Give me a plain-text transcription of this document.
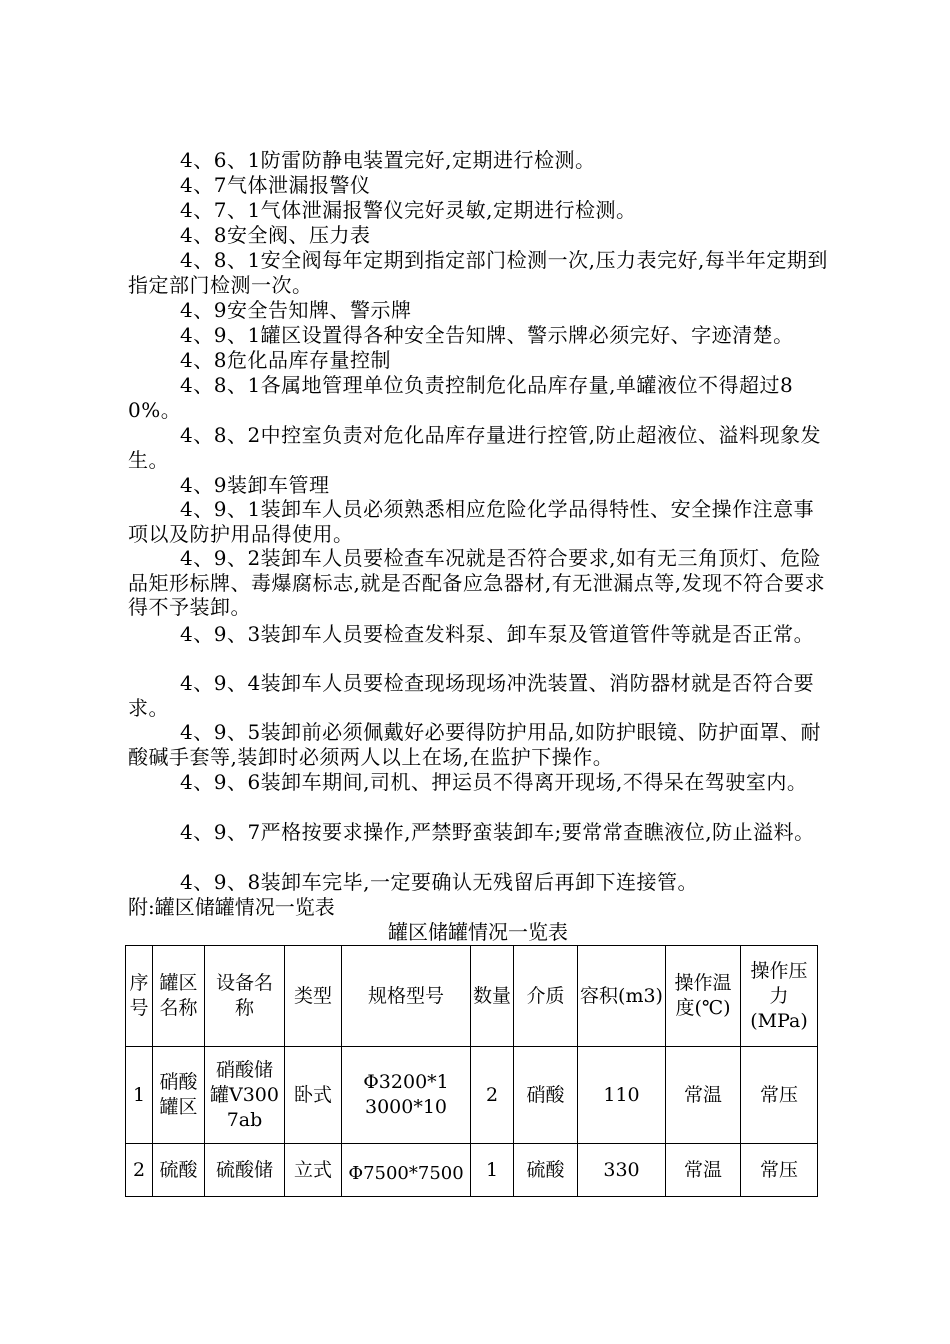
4、6、1防雷防静电装置完好,定期进行检测。
4、7气体泄漏报警仪
4、7、1气体泄漏报警仪完好灵敏,定期进行检测。
4、8安全阀、压力表
4、8、1安全阀每年定期到指定部门检测一次,压力表完好,每半年定期到指定部门检测一次。
4、9安全告知牌、警示牌
4、9、1罐区设置得各种安全告知牌、警示牌必须完好、字迹清楚。
4、8危化品库存量控制
4、8、1各属地管理单位负责控制危化品库存量,单罐液位不得超过80%。
4、8、2中控室负责对危化品库存量进行控管,防止超液位、溢料现象发生。
4、9装卸车管理
4、9、1装卸车人员必须熟悉相应危险化学品得特性、安全操作注意事项以及防护用品得使用。
4、9、2装卸车人员要检查车况就是否符合要求,如有无三角顶灯、危险品矩形标牌、毒爆腐标志,就是否配备应急器材,有无泄漏点等,发现不符合要求得不予装卸。
4、9、3装卸车人员要检查发料泵、卸车泵及管道管件等就是否正常。
4、9、4装卸车人员要检查现场现场冲洗装置、消防器材就是否符合要求。
4、9、5装卸前必须佩戴好必要得防护用品,如防护眼镜、防护面罩、耐酸碱手套等,装卸时必须两人以上在场,在监护下操作。
4、9、6装卸车期间,司机、押运员不得离开现场,不得呆在驾驶室内。
4、9、7严格按要求操作,严禁野蛮装卸车;要常常查瞧液位,防止溢料。
4、9、8装卸车完毕,一定要确认无残留后再卸下连接管。
附:罐区储罐情况一览表
罐区储罐情况一览表
序号	罐区名称	设备名称	类型	规格型号	数量	介质	容积(m3)	操作温度(℃)	操作压力(MPa)
1	硝酸罐区	硝酸储罐V3007ab	卧式	Φ3200*13000*10	2	硝酸	110	常温	常压
2	硫酸	硫酸储	立式	Φ7500*7500	1	硫酸	330	常温	常压
